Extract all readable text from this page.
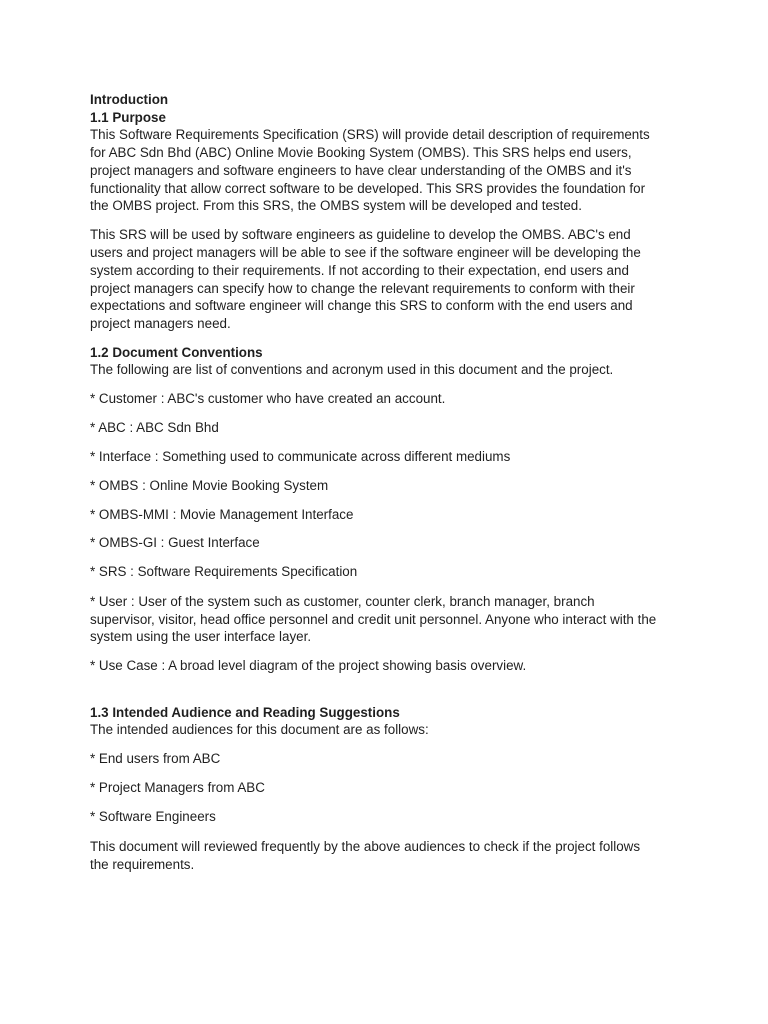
Introduction

1.1 Purpose

This Software Requirements Specification (SRS) will provide detail description of requirements

for ABC Sdn Bhd (ABC) Online Movie Booking System (OMBS). This SRS helps end users,

project managers and software engineers to have clear understanding of the OMBS and it's

functionality that allow correct software to be developed. This SRS provides the foundation for

the OMBS project. From this SRS, the OMBS system will be developed and tested.

This SRS will be used by software engineers as guideline to develop the OMBS. ABC's end

users and project managers will be able to see if the software engineer will be developing the

system according to their requirements. If not according to their expectation, end users and

project managers can specify how to change the relevant requirements to conform with their

expectations and software engineer will change this SRS to conform with the end users and

project managers need.

1.2 Document Conventions

The following are list of conventions and acronym used in this document and the project.

* Customer : ABC's customer who have created an account.

* ABC : ABC Sdn Bhd

* Interface : Something used to communicate across different mediums

* OMBS : Online Movie Booking System

* OMBS-MMI : Movie Management Interface

* OMBS-GI : Guest Interface

* SRS : Software Requirements Specification

* User : User of the system such as customer, counter clerk, branch manager, branch

supervisor, visitor, head office personnel and credit unit personnel. Anyone who interact with the

system using the user interface layer.

* Use Case : A broad level diagram of the project showing basis overview.

1.3 Intended Audience and Reading Suggestions

The intended audiences for this document are as follows:

* End users from ABC

* Project Managers from ABC

* Software Engineers

This document will reviewed frequently by the above audiences to check if the project follows

the requirements.
